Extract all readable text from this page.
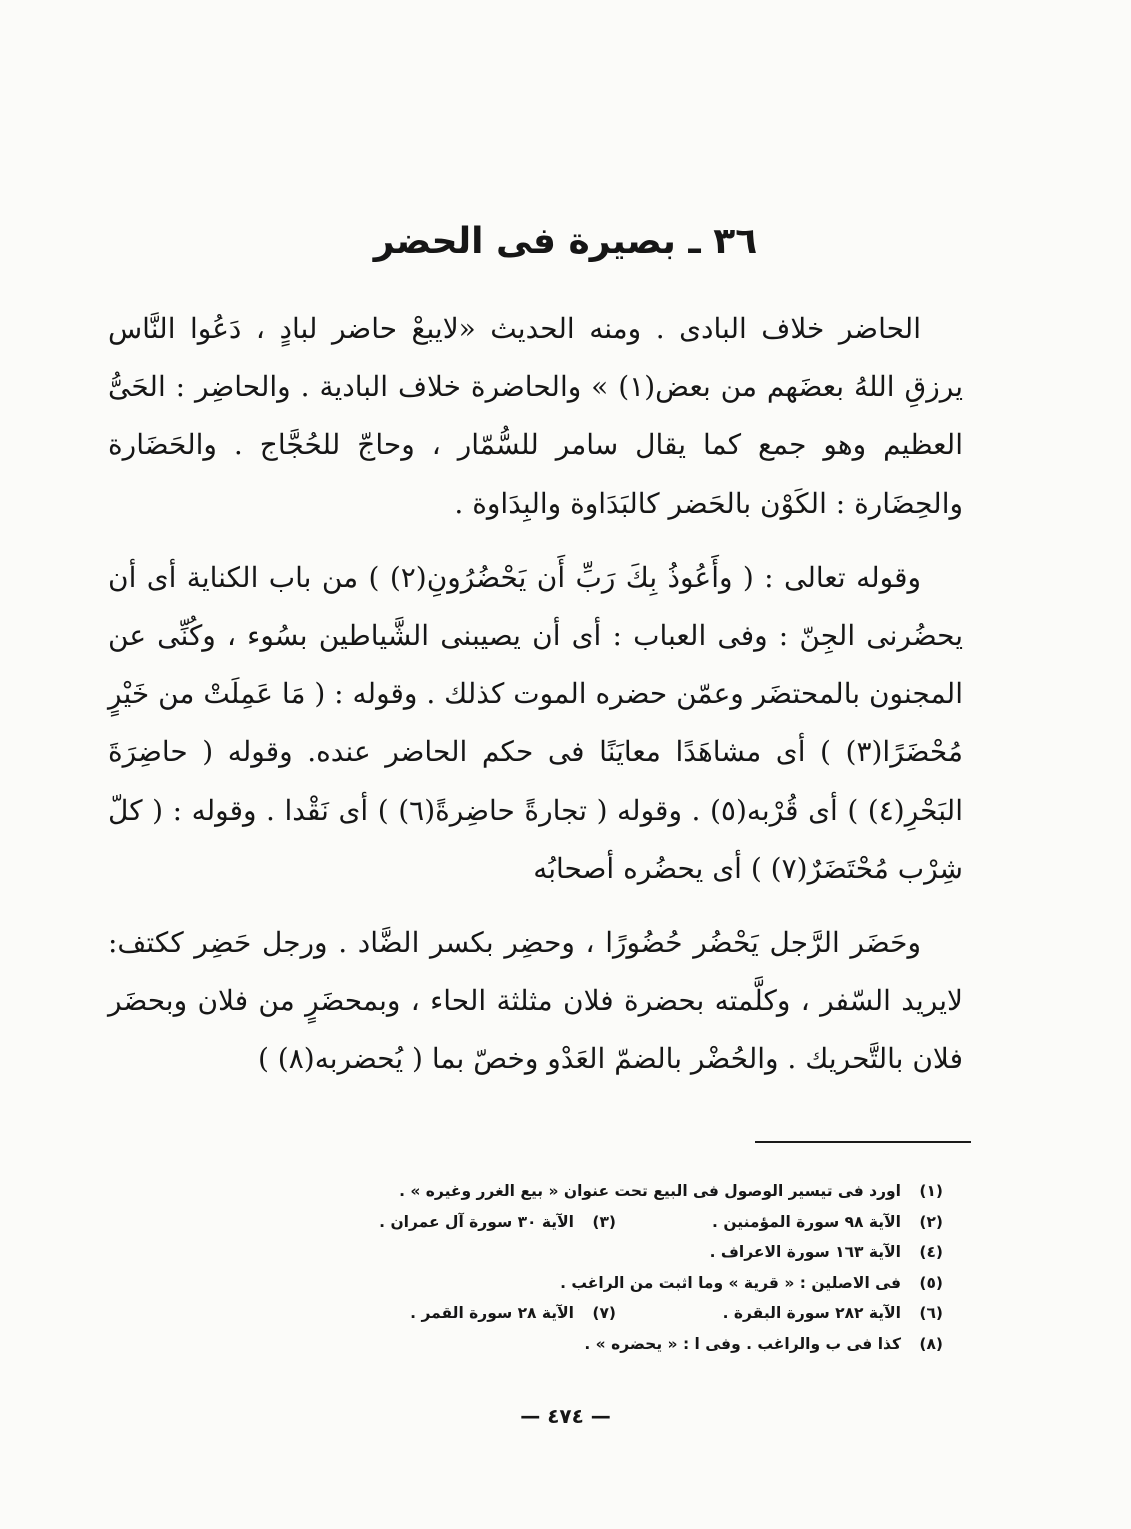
٣٦ ـ بصيرة فى الحضر

الحاضر خلاف البادى . ومنه الحديث «لايبعْ حاضر لبادٍ ، دَعُوا النَّاس يرزقِ اللهُ بعضَهم من بعض(١) » والحاضرة خلاف البادية . والحاضِر : الحَىُّ العظيم وهو جمع كما يقال سامر للسُّمّار ، وحاجّ للحُجَّاج . والحَضَارة والحِضَارة : الكَوْن بالحَضر كالبَدَاوة والبِدَاوة .

وقوله تعالى : ( وأَعُوذُ بِكَ رَبِّ أَن يَحْضُرُونِ(٢) ) من باب الكناية أى أن يحضُرنى الجِنّ : وفى العباب : أى أن يصيبنى الشَّياطين بسُوء ، وكُنِّى عن المجنون بالمحتضَر وعمّن حضره الموت كذلك . وقوله : ( مَا عَمِلَتْ من خَيْرٍ مُحْضَرًا(٣) ) أى مشاهَدًا معايَنًا فى حكم الحاضر عنده. وقوله ( حاضِرَةَ البَحْرِ(٤) ) أى قُرْبه(٥) . وقوله ( تجارةً حاضِرةً(٦) ) أى نَقْدا . وقوله : ( كلّ شِرْب مُحْتَضَرٌ(٧) ) أى يحضُره أصحابُه

وحَضَر الرَّجل يَحْضُر حُضُورًا ، وحضِر بكسر الضَّاد . ورجل حَضِر ككتف: لايريد السّفر ، وكلَّمته بحضرة فلان مثلثة الحاء ، وبمحضَرٍ من فلان وبحضَر فلان بالتَّحريك . والحُضْر بالضمّ العَدْو وخصّ بما ( يُحضربه(٨) )

(١)اورد فى تيسير الوصول فى البيع تحت عنوان « بيع الغرر وغيره » .
(٢)الآية ٩٨ سورة المؤمنين .(٣)الآية ٣٠ سورة آل عمران .
(٤)الآية ١٦٣ سورة الاعراف .
(٥)فى الاصلين : « قرية » وما اثبت من الراغب .
(٦)الآية ٢٨٢ سورة البقرة .(٧)الآية ٢٨ سورة القمر .
(٨)كذا فى ب والراغب . وفى ا : « يحضره » .
— ٤٧٤ —
